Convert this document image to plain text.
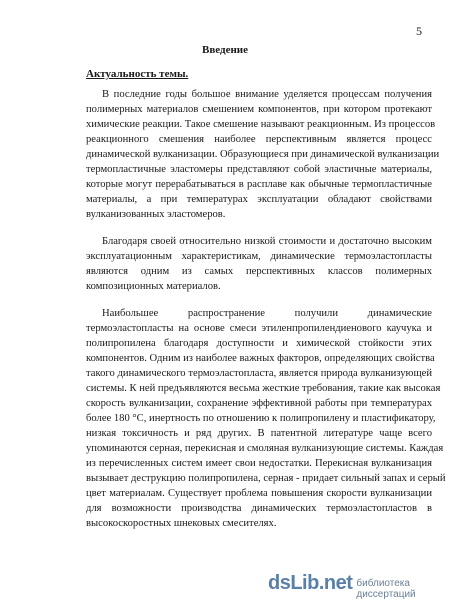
5
Введение
Актуальность темы.
В последние годы большое внимание уделяется процессам получения
полимерных материалов смешением компонентов, при котором протекают
химические реакции. Такое смешение называют реакционным. Из процессов
реакционного смешения наиболее перспективным является процесс
динамической вулканизации. Образующиеся при динамической вулканизации
термопластичные эластомеры представляют собой эластичные материалы,
которые могут перерабатываться в расплаве как обычные термопластичные
материалы, а при температурах эксплуатации обладают свойствами
вулканизованных эластомеров.
Благодаря своей относительно низкой стоимости и достаточно высоким
эксплуатационным характеристикам, динамические термоэластопласты
являются одним из самых перспективных классов полимерных
композиционных материалов.
Наибольшее распространение получили динамические
термоэластопласты на основе смеси этиленпропилендиенового каучука и
полипропилена благодаря доступности и химической стойкости этих
компонентов. Одним из наиболее важных факторов, определяющих свойства
такого динамического термоэластопласта, является природа вулканизующей
системы. К ней предъявляются весьма жесткие требования, такие как высокая
скорость вулканизации, сохранение эффективной работы при температурах
более 180 °С, инертность по отношению к полипропилену и пластификатору,
низкая токсичность и ряд других. В патентной литературе чаще всего
упоминаются серная, перекисная и смоляная вулканизующие системы. Каждая
из перечисленных систем имеет свои недостатки. Перекисная вулканизация
вызывает деструкцию полипропилена, серная - придает сильный запах и серый
цвет материалам. Существует проблема повышения скорости вулканизации
для возможности производства динамических термоэластопластов в
высокоскоростных шнековых смесителях.
dsLib.net библиотека диссертаций
